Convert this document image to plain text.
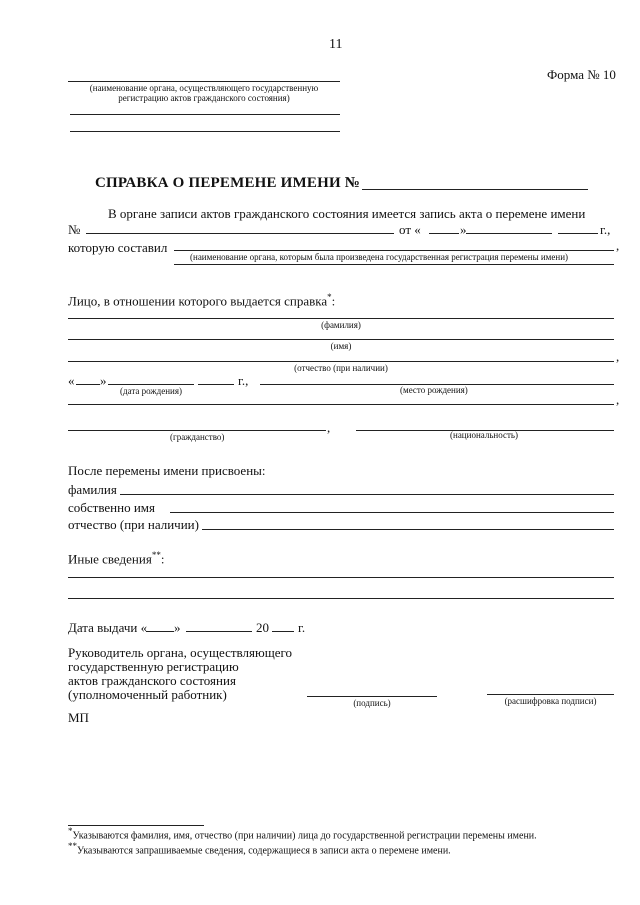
11
Форма № 10
(наименование органа, осуществляющего государственную
регистрацию актов гражданского состояния)
СПРАВКА О ПЕРЕМЕНЕ ИМЕНИ №
В органе записи актов гражданского состояния имеется запись акта о перемене имени
№	от «	»	г.,
которую составил	,
(наименование органа, которым была произведена государственная регистрация перемены имени)
Лицо, в отношении которого выдается справка*:
(фамилия)
(имя)
,
(отчество (при наличии)
« »	г.,
(дата рождения)	(место рождения)
,
,
(гражданство)	(национальность)
После перемены имени присвоены:
фамилия
собственно имя
отчество (при наличии)
Иные сведения**:
Дата выдачи « »	20 г.
Руководитель органа, осуществляющего
государственную регистрацию
актов гражданского состояния
(уполномоченный работник)
(подпись)	(расшифровка подписи)
МП
*Указываются фамилия, имя, отчество (при наличии) лица до государственной регистрации перемены имени.
**Указываются запрашиваемые сведения, содержащиеся в записи акта о перемене имени.
